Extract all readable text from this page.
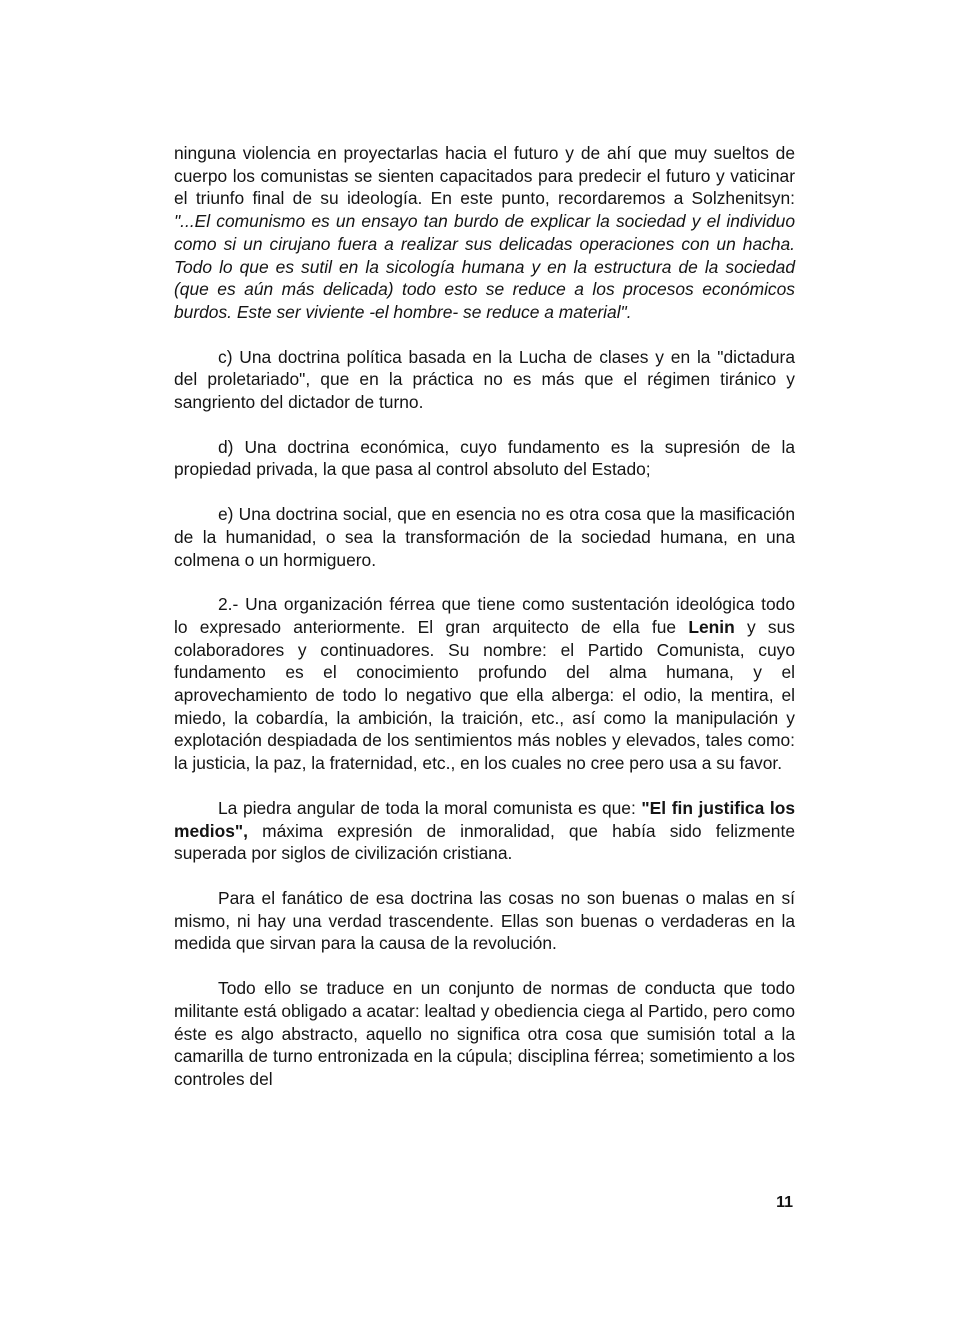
ninguna violencia en proyectarlas hacia el futuro y de ahí que muy sueltos de cuerpo los comunistas se sienten capacitados para predecir el futuro y vaticinar el triunfo final de su ideología. En este punto, recordaremos a Solzhenitsyn: "...El comunismo es un ensayo tan burdo de explicar la sociedad y el individuo como si un cirujano fuera a realizar sus delicadas operaciones con un hacha. Todo lo que es sutil en la sicología humana y en la estructura de la sociedad (que es aún más delicada) todo esto se reduce a los procesos económicos burdos. Este ser viviente -el hombre- se reduce a material".

c) Una doctrina política basada en la Lucha de clases y en la "dictadura del proletariado", que en la práctica no es más que el régimen tiránico y sangriento del dictador de turno.

d) Una doctrina económica, cuyo fundamento es la supresión de la propiedad privada, la que pasa al control absoluto del Estado;

e) Una doctrina social, que en esencia no es otra cosa que la masificación de la humanidad, o sea la transformación de la sociedad humana, en una colmena o un hormiguero.

2.- Una organización férrea que tiene como sustentación ideológica todo lo expresado anteriormente. El gran arquitecto de ella fue Lenin y sus colaboradores y continuadores. Su nombre: el Partido Comunista, cuyo fundamento es el conocimiento profundo del alma humana, y el aprovechamiento de todo lo negativo que ella alberga: el odio, la mentira, el miedo, la cobardía, la ambición, la traición, etc., así como la manipulación y explotación despiadada de los sentimientos más nobles y elevados, tales como: la justicia, la paz, la fraternidad, etc., en los cuales no cree pero usa a su favor.

La piedra angular de toda la moral comunista es que: "El fin justifica los medios", máxima expresión de inmoralidad, que había sido felizmente superada por siglos de civilización cristiana.

Para el fanático de esa doctrina las cosas no son buenas o malas en sí mismo, ni hay una verdad trascendente. Ellas son buenas o verdaderas en la medida que sirvan para la causa de la revolución.

Todo ello se traduce en un conjunto de normas de conducta que todo militante está obligado a acatar: lealtad y obediencia ciega al Partido, pero como éste es algo abstracto, aquello no significa otra cosa que sumisión total a la camarilla de turno entronizada en la cúpula; disciplina férrea; sometimiento a los controles del

11
